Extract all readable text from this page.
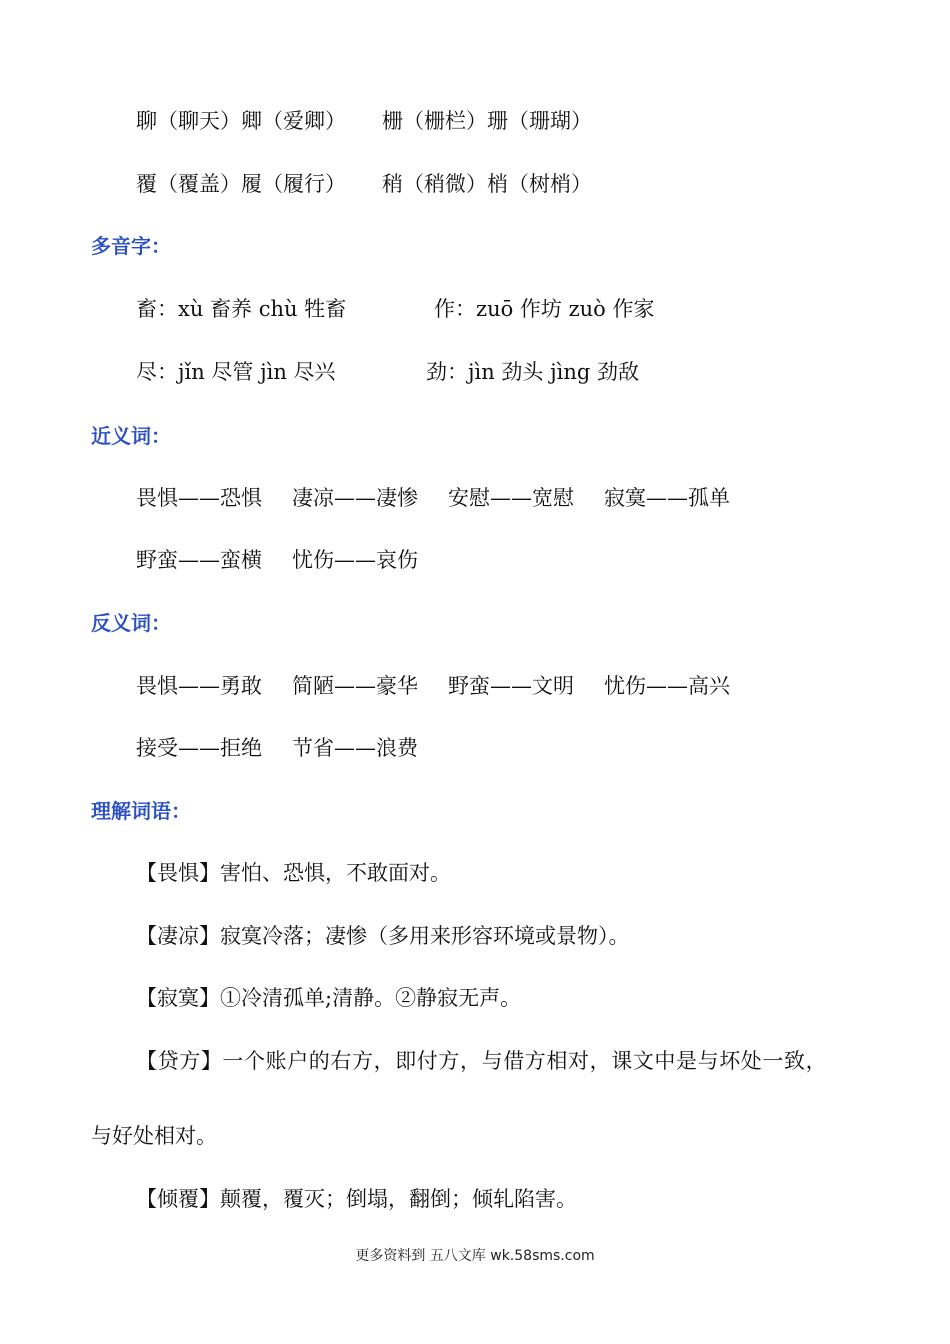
聊（聊天）卿（爱卿） 栅（栅栏）珊（珊瑚）
覆（覆盖）履（履行） 稍（稍微）梢（树梢）
多音字：
畜：xù 畜养 chù 牲畜	作：zuō 作坊 zuò 作家
尽：jǐn 尽管 jìn 尽兴	劲：jìn 劲头 jìng 劲敌
近义词：
畏惧——恐惧 凄凉——凄惨 安慰——宽慰 寂寞——孤单
野蛮——蛮横 忧伤——哀伤
反义词：
畏惧——勇敢 简陋——豪华 野蛮——文明 忧伤——高兴
接受——拒绝 节省——浪费
理解词语：
【畏惧】害怕、恐惧，不敢面对。
【凄凉】寂寞冷落；凄惨（多用来形容环境或景物）。
【寂寞】①冷清孤单;清静。②静寂无声。
【贷方】一个账户的右方，即付方，与借方相对，课文中是与坏处一致，
与好处相对。
【倾覆】颠覆，覆灭；倒塌，翻倒；倾轧陷害。
更多资料到 五八文库 wk.58sms.com
